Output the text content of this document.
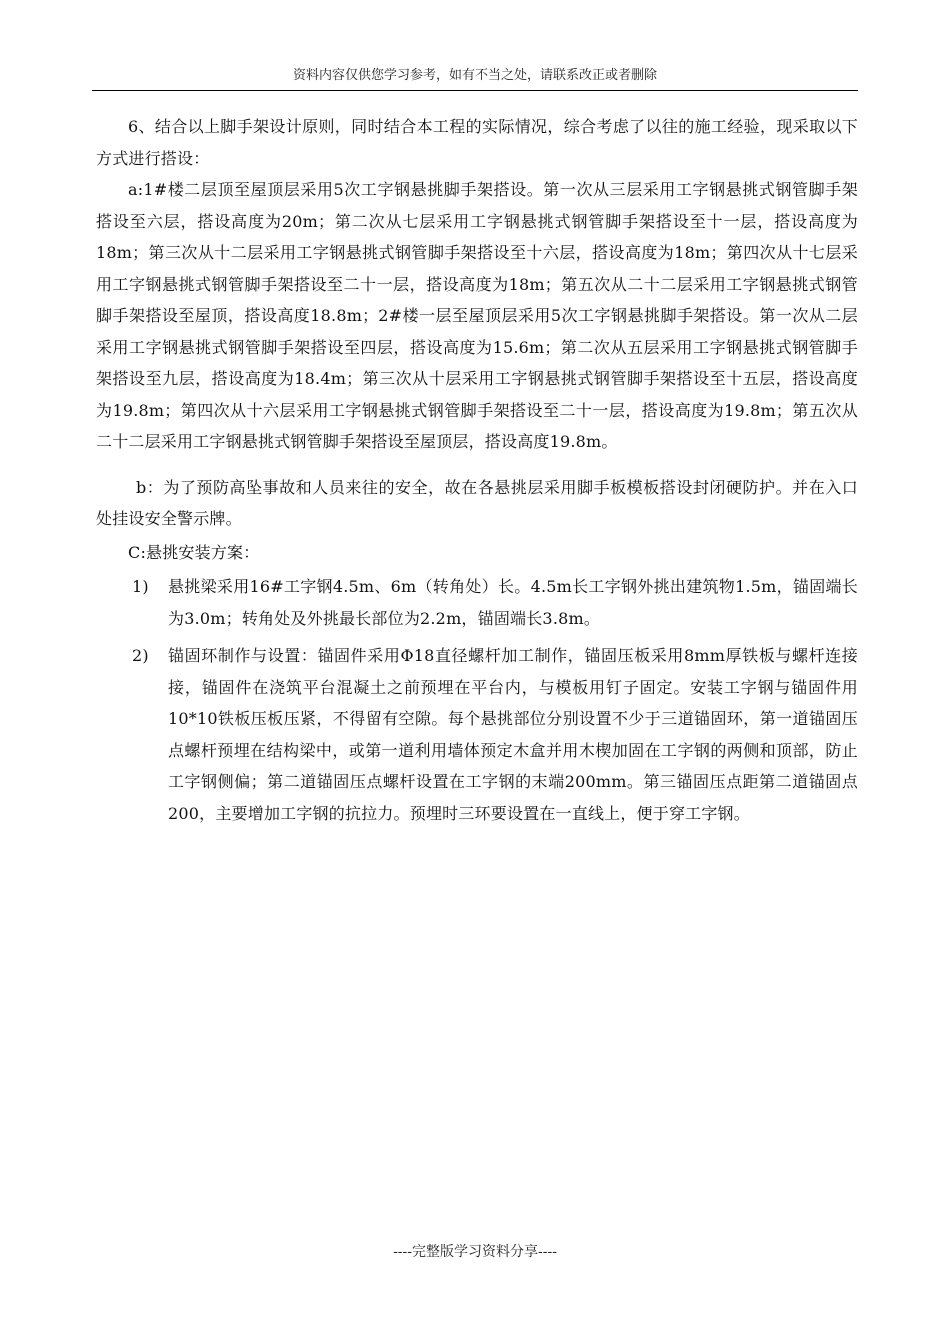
资料内容仅供您学习参考，如有不当之处，请联系改正或者删除

6、结合以上脚手架设计原则，同时结合本工程的实际情况，综合考虑了以往的施工经验，现采取以下方式进行搭设：

a:1#楼二层顶至屋顶层采用5次工字钢悬挑脚手架搭设。第一次从三层采用工字钢悬挑式钢管脚手架搭设至六层，搭设高度为20m；第二次从七层采用工字钢悬挑式钢管脚手架搭设至十一层，搭设高度为18m；第三次从十二层采用工字钢悬挑式钢管脚手架搭设至十六层，搭设高度为18m；第四次从十七层采用工字钢悬挑式钢管脚手架搭设至二十一层，搭设高度为18m；第五次从二十二层采用工字钢悬挑式钢管脚手架搭设至屋顶，搭设高度18.8m；2#楼一层至屋顶层采用5次工字钢悬挑脚手架搭设。第一次从二层采用工字钢悬挑式钢管脚手架搭设至四层，搭设高度为15.6m；第二次从五层采用工字钢悬挑式钢管脚手架搭设至九层，搭设高度为18.4m；第三次从十层采用工字钢悬挑式钢管脚手架搭设至十五层，搭设高度为19.8m；第四次从十六层采用工字钢悬挑式钢管脚手架搭设至二十一层，搭设高度为19.8m；第五次从二十二层采用工字钢悬挑式钢管脚手架搭设至屋顶层，搭设高度19.8m。

b：为了预防高坠事故和人员来往的安全，故在各悬挑层采用脚手板模板搭设封闭硬防护。并在入口处挂设安全警示牌。

C:悬挑安装方案：

1)	悬挑梁采用16#工字钢4.5m、6m（转角处）长。4.5m长工字钢外挑出建筑物1.5m，锚固端长为3.0m；转角处及外挑最长部位为2.2m，锚固端长3.8m。
2)	锚固环制作与设置：锚固件采用Φ18直径螺杆加工制作，锚固压板采用8mm厚铁板与螺杆连接接，锚固件在浇筑平台混凝土之前预埋在平台内，与模板用钉子固定。安装工字钢与锚固件用10*10铁板压板压紧，不得留有空隙。每个悬挑部位分别设置不少于三道锚固环，第一道锚固压点螺杆预埋在结构梁中，或第一道利用墙体预定木盒并用木楔加固在工字钢的两侧和顶部，防止工字钢侧偏；第二道锚固压点螺杆设置在工字钢的末端200mm。第三锚固压点距第二道锚固点200，主要增加工字钢的抗拉力。预埋时三环要设置在一直线上，便于穿工字钢。
----完整版学习资料分享----
